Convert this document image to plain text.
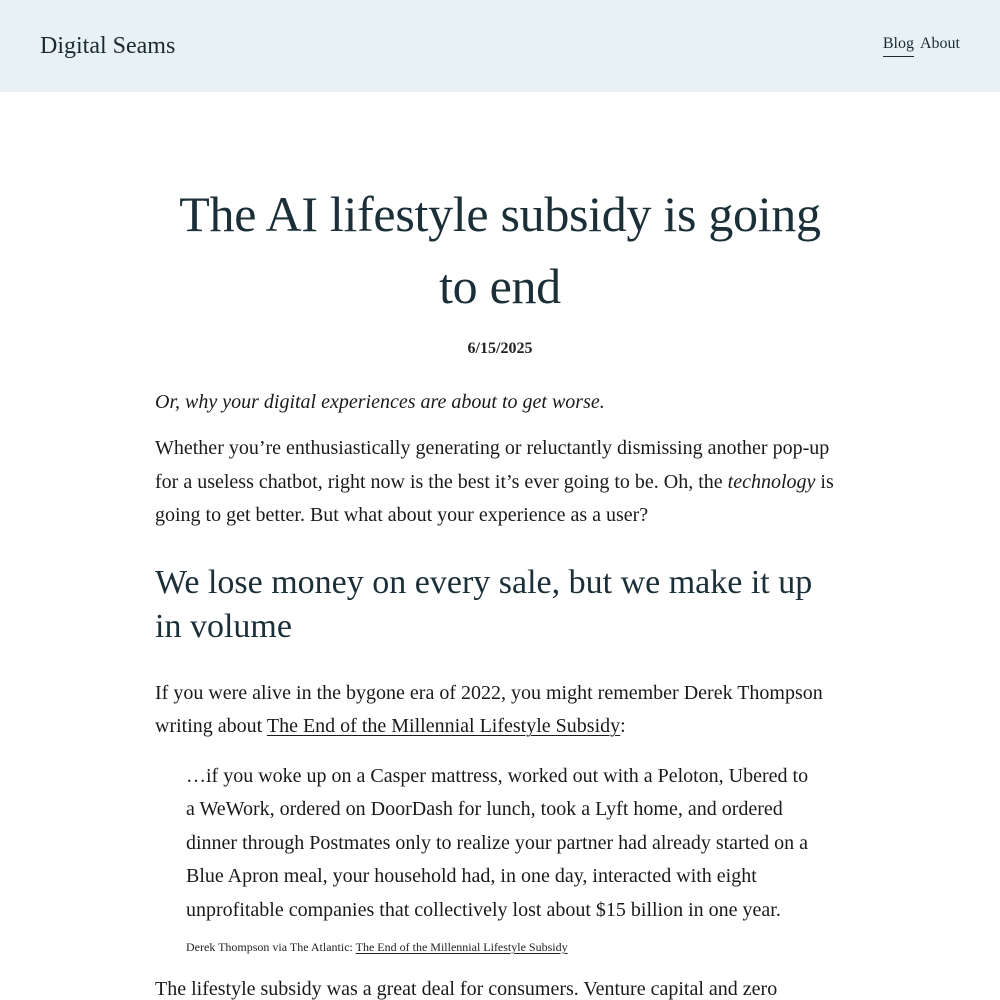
Digital Seams	Blog About
The AI lifestyle subsidy is going to end
6/15/2025

Or, why your digital experiences are about to get worse.

Whether you’re enthusiastically generating or reluctantly dismissing another pop-up for a useless chatbot, right now is the best it’s ever going to be. Oh, the technology is going to get better. But what about your experience as a user?

We lose money on every sale, but we make it up in volume

If you were alive in the bygone era of 2022, you might remember Derek Thompson writing about The End of the Millennial Lifestyle Subsidy:

…if you woke up on a Casper mattress, worked out with a Peloton, Ubered to a WeWork, ordered on DoorDash for lunch, took a Lyft home, and ordered dinner through Postmates only to realize your partner had already started on a Blue Apron meal, your household had, in one day, interacted with eight unprofitable companies that collectively lost about $15 billion in one year.

Derek Thompson via The Atlantic: The End of the Millennial Lifestyle Subsidy

The lifestyle subsidy was a great deal for consumers. Venture capital and zero
